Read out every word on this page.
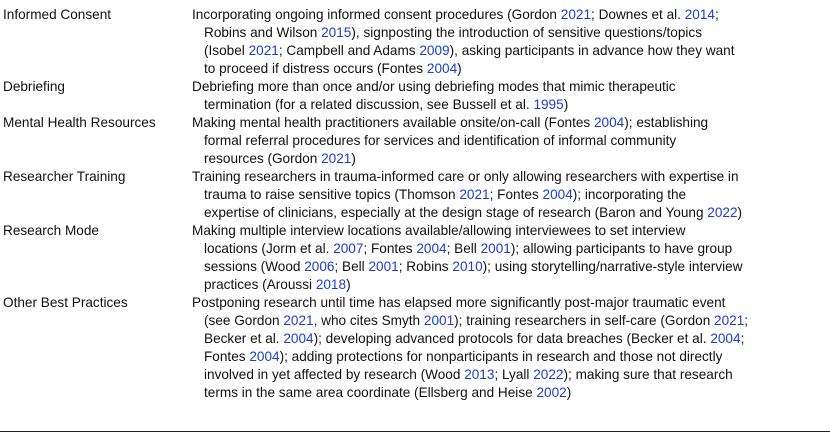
Informed Consent	Incorporating ongoing informed consent procedures (Gordon 2021; Downes et al. 2014;
Robins and Wilson 2015), signposting the introduction of sensitive questions/topics
(Isobel 2021; Campbell and Adams 2009), asking participants in advance how they want
to proceed if distress occurs (Fontes 2004)
Debriefing	Debriefing more than once and/or using debriefing modes that mimic therapeutic
termination (for a related discussion, see Bussell et al. 1995)
Mental Health Resources	Making mental health practitioners available onsite/on-call (Fontes 2004); establishing
formal referral procedures for services and identification of informal community
resources (Gordon 2021)
Researcher Training	Training researchers in trauma-informed care or only allowing researchers with expertise in
trauma to raise sensitive topics (Thomson 2021; Fontes 2004); incorporating the
expertise of clinicians, especially at the design stage of research (Baron and Young 2022)
Research Mode	Making multiple interview locations available/allowing interviewees to set interview
locations (Jorm et al. 2007; Fontes 2004; Bell 2001); allowing participants to have group
sessions (Wood 2006; Bell 2001; Robins 2010); using storytelling/narrative-style interview
practices (Aroussi 2018)
Other Best Practices	Postponing research until time has elapsed more significantly post-major traumatic event
(see Gordon 2021, who cites Smyth 2001); training researchers in self-care (Gordon 2021;
Becker et al. 2004); developing advanced protocols for data breaches (Becker et al. 2004;
Fontes 2004); adding protections for nonparticipants in research and those not directly
involved in yet affected by research (Wood 2013; Lyall 2022); making sure that research
terms in the same area coordinate (Ellsberg and Heise 2002)
